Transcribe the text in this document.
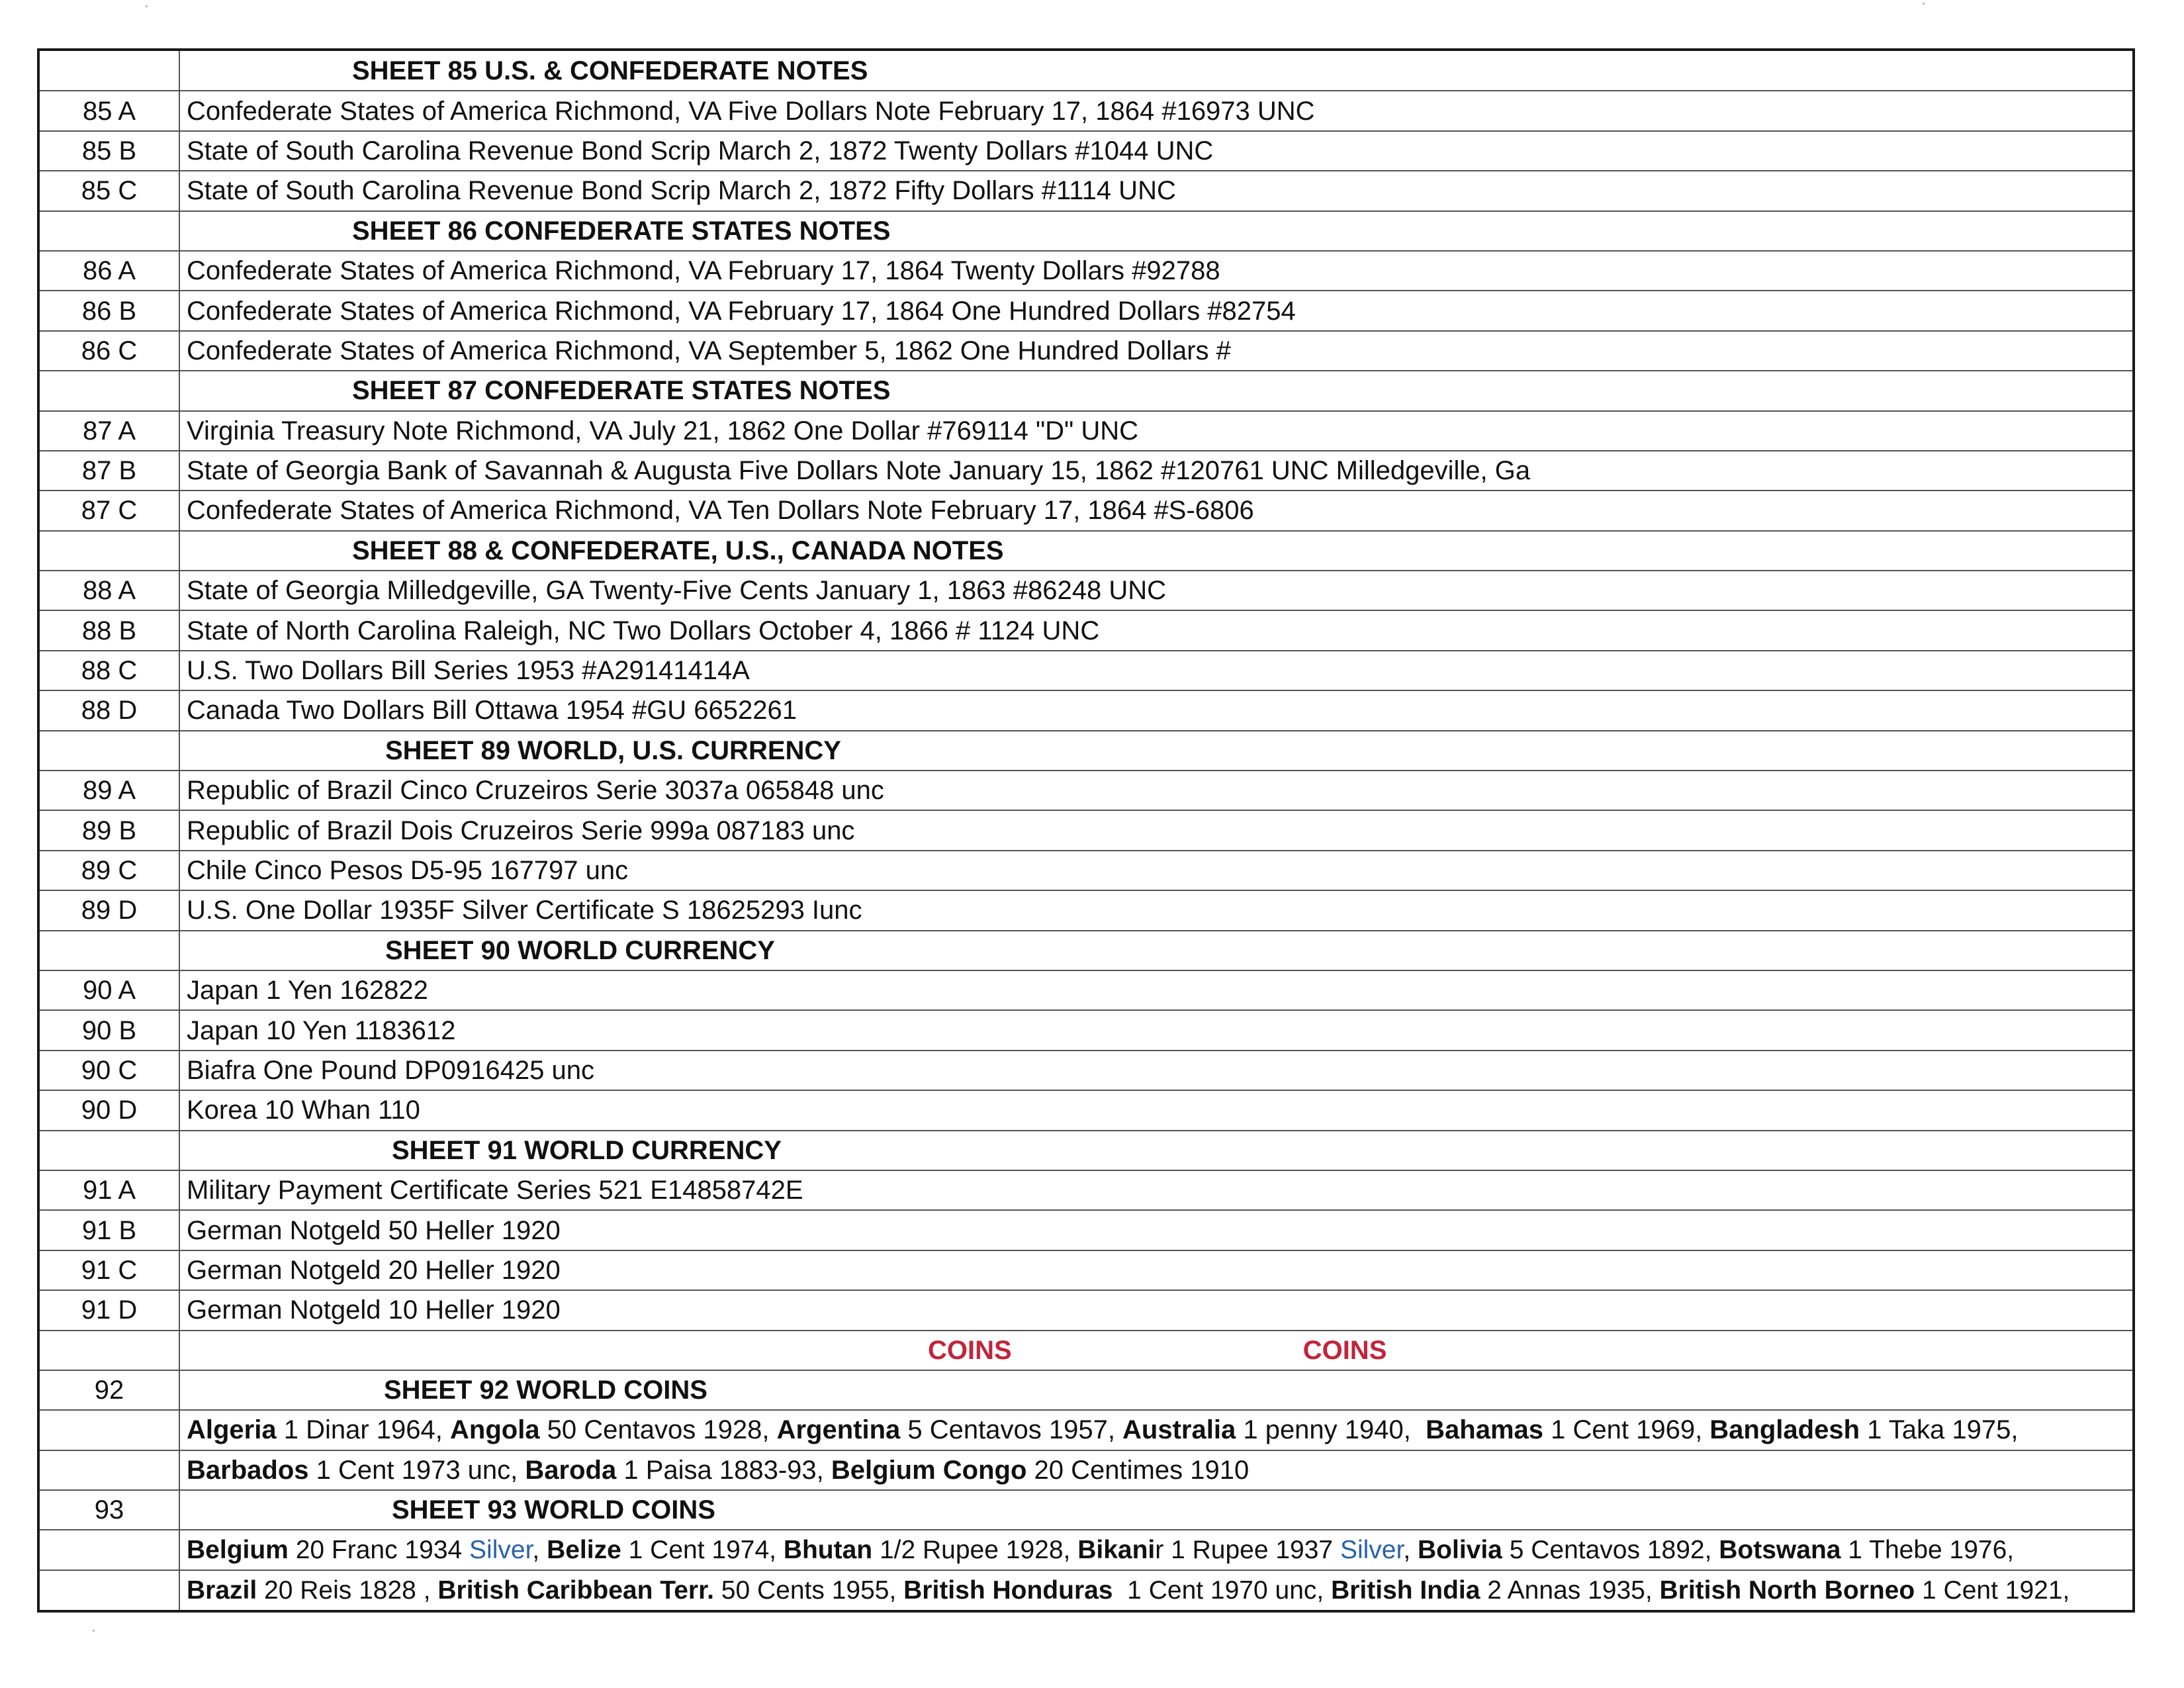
	SHEET 85 U.S. & CONFEDERATE NOTES
85 A	Confederate States of America Richmond, VA Five Dollars Note February 17, 1864 #16973 UNC
85 B	State of South Carolina Revenue Bond Scrip March 2, 1872 Twenty Dollars #1044 UNC
85 C	State of South Carolina Revenue Bond Scrip March 2, 1872 Fifty Dollars #1114 UNC
	SHEET 86 CONFEDERATE STATES NOTES
86 A	Confederate States of America Richmond, VA February 17, 1864 Twenty Dollars #92788
86 B	Confederate States of America Richmond, VA February 17, 1864 One Hundred Dollars #82754
86 C	Confederate States of America Richmond, VA September 5, 1862 One Hundred Dollars #
	SHEET 87 CONFEDERATE STATES NOTES
87 A	Virginia Treasury Note Richmond, VA July 21, 1862 One Dollar #769114 "D" UNC
87 B	State of Georgia Bank of Savannah & Augusta Five Dollars Note January 15, 1862 #120761 UNC Milledgeville, Ga
87 C	Confederate States of America Richmond, VA Ten Dollars Note February 17, 1864 #S-6806
	SHEET 88 & CONFEDERATE, U.S., CANADA NOTES
88 A	State of Georgia Milledgeville, GA Twenty-Five Cents January 1, 1863 #86248 UNC
88 B	State of North Carolina Raleigh, NC Two Dollars October 4, 1866 # 1124 UNC
88 C	U.S. Two Dollars Bill Series 1953 #A29141414A
88 D	Canada Two Dollars Bill Ottawa 1954 #GU 6652261
	SHEET 89 WORLD, U.S. CURRENCY
89 A	Republic of Brazil Cinco Cruzeiros Serie 3037a 065848 unc
89 B	Republic of Brazil Dois Cruzeiros Serie 999a 087183 unc
89 C	Chile Cinco Pesos D5-95 167797 unc
89 D	U.S. One Dollar 1935F Silver Certificate S 18625293 Iunc
	SHEET 90 WORLD CURRENCY
90 A	Japan 1 Yen 162822
90 B	Japan 10 Yen 1183612
90 C	Biafra One Pound DP0916425 unc
90 D	Korea 10 Whan 110
	SHEET 91 WORLD CURRENCY
91 A	Military Payment Certificate Series 521 E14858742E
91 B	German Notgeld 50 Heller 1920
91 C	German Notgeld 20 Heller 1920
91 D	German Notgeld 10 Heller 1920
	COINS COINS
92	SHEET 92 WORLD COINS
	Algeria 1 Dinar 1964, Angola 50 Centavos 1928, Argentina 5 Centavos 1957, Australia 1 penny 1940,  Bahamas 1 Cent 1969, Bangladesh 1 Taka 1975,
	Barbados 1 Cent 1973 unc, Baroda 1 Paisa 1883-93, Belgium Congo 20 Centimes 1910
93	SHEET 93 WORLD COINS
	Belgium 20 Franc 1934 Silver, Belize 1 Cent 1974, Bhutan 1/2 Rupee 1928, Bikanir 1 Rupee 1937 Silver, Bolivia 5 Centavos 1892, Botswana 1 Thebe 1976,
	Brazil 20 Reis 1828 , British Caribbean Terr. 50 Cents 1955, British Honduras  1 Cent 1970 unc, British India 2 Annas 1935, British North Borneo 1 Cent 1921,
